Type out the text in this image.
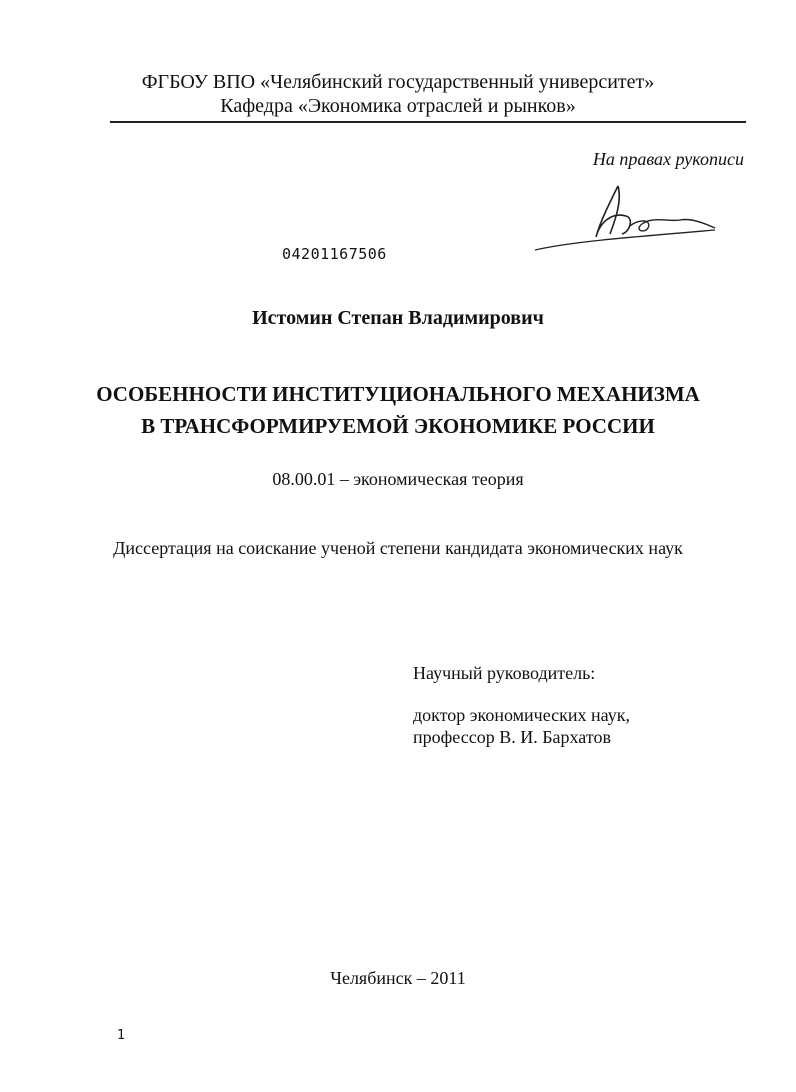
ФГБОУ ВПО «Челябинский государственный университет»
Кафедра «Экономика отраслей и рынков»
На правах рукописи
04201167506
Истомин Степан Владимирович
ОСОБЕННОСТИ ИНСТИТУЦИОНАЛЬНОГО МЕХАНИЗМА
В ТРАНСФОРМИРУЕМОЙ ЭКОНОМИКЕ РОССИИ
08.00.01 – экономическая теория
Диссертация на соискание ученой степени кандидата экономических наук
Научный руководитель:
доктор экономических наук,
профессор В. И. Бархатов
Челябинск – 2011
1
